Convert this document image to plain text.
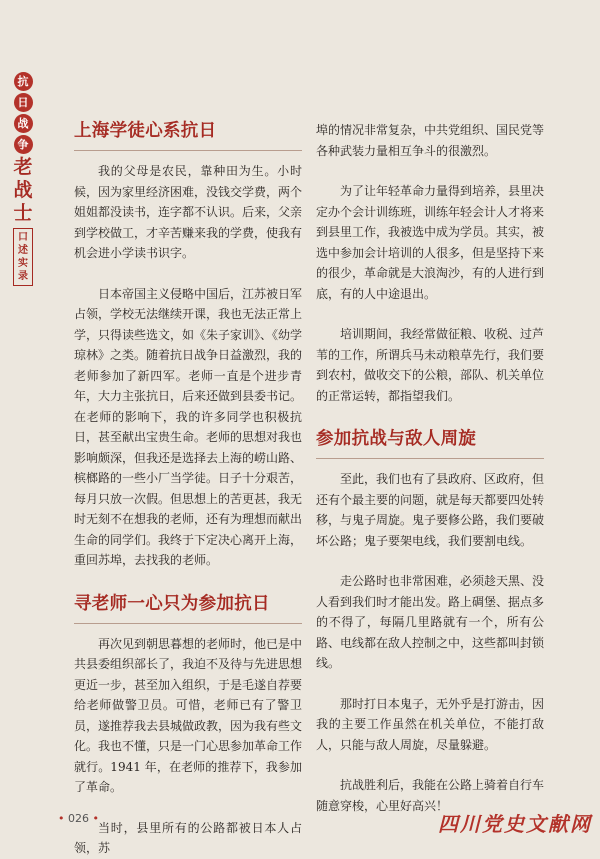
抗
日
战
争
老
战
士
口
述
实
录
上海学徒心系抗日

我的父母是农民，靠种田为生。小时候，因为家里经济困难，没钱交学费，两个姐姐都没读书，连字都不认识。后来，父亲到学校做工，才辛苦赚来我的学费，使我有机会进小学读书识字。

日本帝国主义侵略中国后，江苏被日军占领，学校无法继续开课，我也无法正常上学，只得读些选文，如《朱子家训》、《幼学琼林》之类。随着抗日战争日益激烈，我的老师参加了新四军。老师一直是个进步青年，大力主张抗日，后来还做到县委书记。在老师的影响下，我的许多同学也积极抗日，甚至献出宝贵生命。老师的思想对我也影响颇深，但我还是选择去上海的崂山路、槟榔路的一些小厂当学徒。日子十分艰苦，每月只放一次假。但思想上的苦更甚，我无时无刻不在想我的老师，还有为理想而献出生命的同学们。我终于下定决心离开上海，重回苏埠，去找我的老师。

寻老师一心只为参加抗日

再次见到朝思暮想的老师时，他已是中共县委组织部长了，我迫不及待与先进思想更近一步，甚至加入组织，于是毛遂自荐要给老师做警卫员。可惜，老师已有了警卫员，遂推荐我去县城做政教，因为我有些文化。我也不懂，只是一门心思参加革命工作就行。1941 年，在老师的推荐下，我参加了革命。

当时，县里所有的公路都被日本人占领，苏

埠的情况非常复杂，中共党组织、国民党等各种武装力量相互争斗的很激烈。

为了让年轻革命力量得到培养，县里决定办个会计训练班，训练年轻会计人才将来到县里工作，我被选中成为学员。其实，被选中参加会计培训的人很多，但是坚持下来的很少，革命就是大浪淘沙，有的人进行到底，有的人中途退出。

培训期间，我经常做征粮、收税、过芦苇的工作，所谓兵马未动粮草先行，我们要到农村，做收交下的公粮，部队、机关单位的正常运转，都指望我们。

参加抗战与敌人周旋

至此，我们也有了县政府、区政府，但还有个最主要的问题，就是每天都要四处转移，与鬼子周旋。鬼子要修公路，我们要破坏公路；鬼子要架电线，我们要割电线。

走公路时也非常困难，必须趁天黑、没人看到我们时才能出发。路上碉堡、据点多的不得了，每隔几里路就有一个，所有公路、电线都在敌人控制之中，这些都叫封锁线。

那时打日本鬼子，无外乎是打游击，因我的主要工作虽然在机关单位，不能打敌人，只能与敌人周旋，尽量躲避。

抗战胜利后，我能在公路上骑着自行车随意穿梭，心里好高兴！

• 026 •	四川党史文献网
